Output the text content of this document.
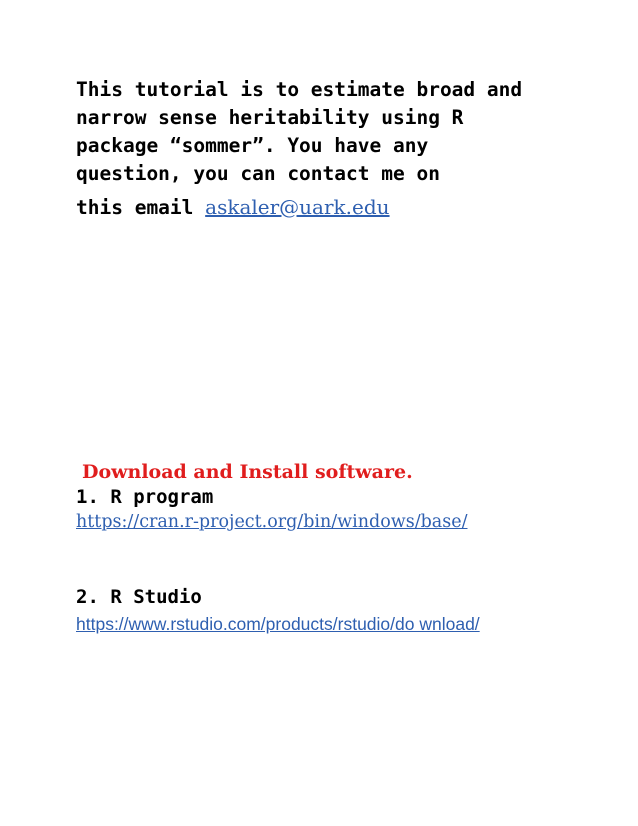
This tutorial is to estimate broad and
narrow sense heritability using R
package “sommer”. You have any
question, you can contact me on
this email askaler@uark.edu

Download and Install software.
1. R program
https://cran.r-project.org/bin/windows/base/
2. R Studio
https://www.rstudio.com/products/rstudio/do wnload/
